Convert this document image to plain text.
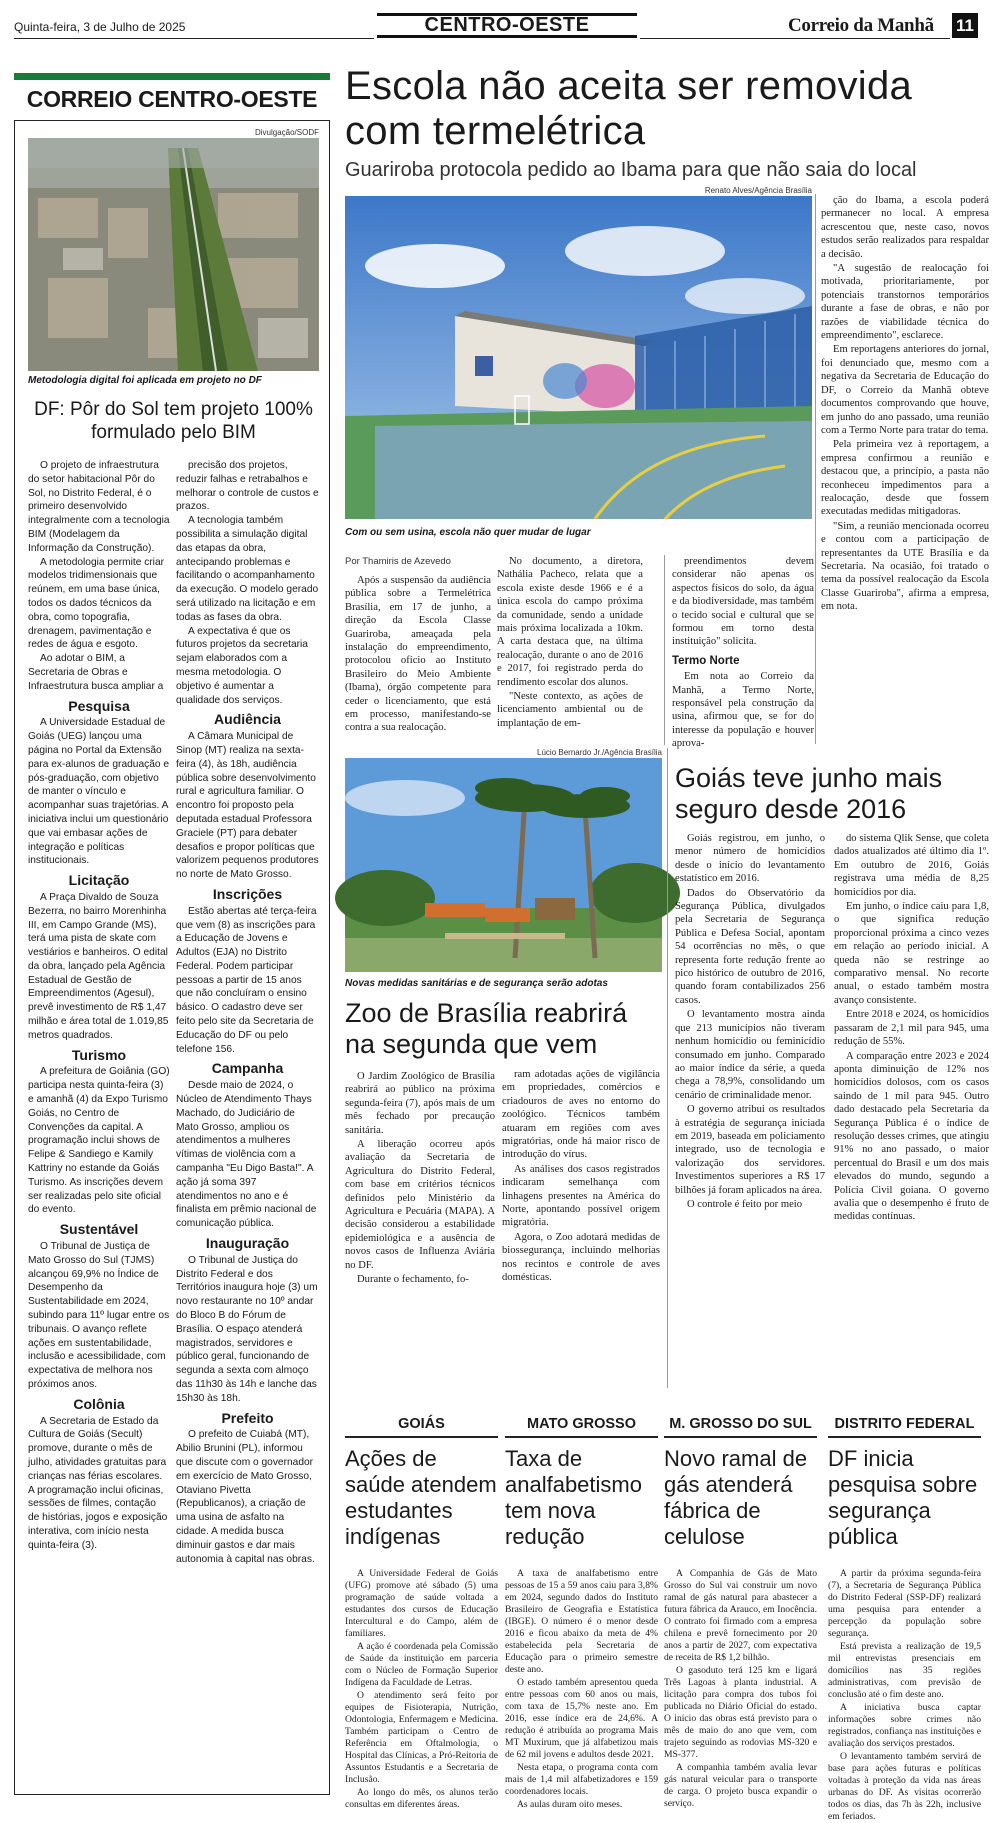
Quinta-feira, 3 de Julho de 2025	CENTRO-OESTE	Correio da Manhã 11
CORREIO CENTRO-OESTE
Divulgação/SODF
Metodologia digital foi aplicada em projeto no DF
DF: Pôr do Sol tem projeto 100% formulado pelo BIM

O projeto de infraestrutura do setor habitacional Pôr do Sol, no Distrito Federal, é o primeiro desenvolvido integralmente com a tecnologia BIM (Modelagem da Informação da Construção).

A metodologia permite criar modelos tridimensionais que reúnem, em uma base única, todos os dados técnicos da obra, como topografia, drenagem, pavimentação e redes de água e esgoto.

Ao adotar o BIM, a Secretaria de Obras e Infraestrutura busca ampliar a

Pesquisa

A Universidade Estadual de Goiás (UEG) lançou uma página no Portal da Extensão para ex-alunos de graduação e pós-graduação, com objetivo de manter o vínculo e acompanhar suas trajetórias. A iniciativa inclui um questionário que vai embasar ações de integração e políticas institucionais.

Licitação

A Praça Divaldo de Souza Bezerra, no bairro Morenhinha III, em Campo Grande (MS), terá uma pista de skate com vestiários e banheiros. O edital da obra, lançado pela Agência Estadual de Gestão de Empreendimentos (Agesul), prevê investimento de R$ 1,47 milhão e área total de 1.019,85 metros quadrados.

Turismo

A prefeitura de Goiânia (GO) participa nesta quinta-feira (3) e amanhã (4) da Expo Turismo Goiás, no Centro de Convenções da capital. A programação inclui shows de Felipe & Sandiego e Kamily Kattriny no estande da Goiás Turismo. As inscrições devem ser realizadas pelo site oficial do evento.

Sustentável

O Tribunal de Justiça de Mato Grosso do Sul (TJMS) alcançou 69,9% no Índice de Desempenho da Sustentabilidade em 2024, subindo para 11º lugar entre os tribunais. O avanço reflete ações em sustentabilidade, inclusão e acessibilidade, com expectativa de melhora nos próximos anos.

Colônia

A Secretaria de Estado da Cultura de Goiás (Secult) promove, durante o mês de julho, atividades gratuitas para crianças nas férias escolares. A programação inclui oficinas, sessões de filmes, contação de histórias, jogos e exposição interativa, com início nesta quinta-feira (3).

precisão dos projetos, reduzir falhas e retrabalhos e melhorar o controle de custos e prazos.

A tecnologia também possibilita a simulação digital das etapas da obra, antecipando problemas e facilitando o acompanhamento da execução. O modelo gerado será utilizado na licitação e em todas as fases da obra.

A expectativa é que os futuros projetos da secretaria sejam elaborados com a mesma metodologia. O objetivo é aumentar a qualidade dos serviços.

Audiência

A Câmara Municipal de Sinop (MT) realiza na sexta-feira (4), às 18h, audiência pública sobre desenvolvimento rural e agricultura familiar. O encontro foi proposto pela deputada estadual Professora Graciele (PT) para debater desafios e propor políticas que valorizem pequenos produtores no norte de Mato Grosso.

Inscrições

Estão abertas até terça-feira que vem (8) as inscrições para a Educação de Jovens e Adultos (EJA) no Distrito Federal. Podem participar pessoas a partir de 15 anos que não concluíram o ensino básico. O cadastro deve ser feito pelo site da Secretaria de Educação do DF ou pelo telefone 156.

Campanha

Desde maio de 2024, o Núcleo de Atendimento Thays Machado, do Judiciário de Mato Grosso, ampliou os atendimentos a mulheres vítimas de violência com a campanha "Eu Digo Basta!". A ação já soma 397 atendimentos no ano e é finalista em prêmio nacional de comunicação pública.

Inauguração

O Tribunal de Justiça do Distrito Federal e dos Territórios inaugura hoje (3) um novo restaurante no 10º andar do Bloco B do Fórum de Brasília. O espaço atenderá magistrados, servidores e público geral, funcionando de segunda a sexta com almoço das 11h30 às 14h e lanche das 15h30 às 18h.

Prefeito

O prefeito de Cuiabá (MT), Abilio Brunini (PL), informou que discute com o governador em exercício de Mato Grosso, Otaviano Pivetta (Republicanos), a criação de uma usina de asfalto na cidade. A medida busca diminuir gastos e dar mais autonomia à capital nas obras.

Escola não aceita ser removida com termelétrica
Guariroba protocola pedido ao Ibama para que não saia do local
Renato Alves/Agência Brasília
Com ou sem usina, escola não quer mudar de lugar
Por Thamiris de Azevedo

Após a suspensão da audiência pública sobre a Termelétrica Brasília, em 17 de junho, a direção da Escola Classe Guariroba, ameaçada pela instalação do empreendimento, protocolou ofício ao Instituto Brasileiro do Meio Ambiente (Ibama), órgão competente para ceder o licenciamento, que está em processo, manifestando-se contra a sua realocação.

No documento, a diretora, Nathália Pacheco, relata que a escola existe desde 1966 e é a única escola do campo próxima da comunidade, sendo a unidade mais próxima localizada a 10km. A carta destaca que, na última realocação, durante o ano de 2016 e 2017, foi registrado perda do rendimento escolar dos alunos.

"Neste contexto, as ações de licenciamento ambiental ou de implantação de em-

preendimentos devem considerar não apenas os aspectos físicos do solo, da água e da biodiversidade, mas também o tecido social e cultural que se formou em torno desta instituição" solicita.

Termo Norte

Em nota ao Correio da Manhã, a Termo Norte, responsável pela construção da usina, afirmou que, se for do interesse da população e houver aprova-

ção do Ibama, a escola poderá permanecer no local. A empresa acrescentou que, neste caso, novos estudos serão realizados para respaldar a decisão.

"A sugestão de realocação foi motivada, prioritariamente, por potenciais transtornos temporários durante a fase de obras, e não por razões de viabilidade técnica do empreendimento", esclarece.

Em reportagens anteriores do jornal, foi denunciado que, mesmo com a negativa da Secretaria de Educação do DF, o Correio da Manhã obteve documentos comprovando que houve, em junho do ano passado, uma reunião com a Termo Norte para tratar do tema.

Pela primeira vez à reportagem, a empresa confirmou a reunião e destacou que, a princípio, a pasta não reconheceu impedimentos para a realocação, desde que fossem executadas medidas mitigadoras.

"Sim, a reunião mencionada ocorreu e contou com a participação de representantes da UTE Brasília e da Secretaria. Na ocasião, foi tratado o tema da possível realocação da Escola Classe Guariroba", afirma a empresa, em nota.

Lúcio Bernardo Jr./Agência Brasília
Novas medidas sanitárias e de segurança serão adotas
Zoo de Brasília reabrirá na segunda que vem

O Jardim Zoológico de Brasília reabrirá ao público na próxima segunda-feira (7), após mais de um mês fechado por precaução sanitária.

A liberação ocorreu após avaliação da Secretaria de Agricultura do Distrito Federal, com base em critérios técnicos definidos pelo Ministério da Agricultura e Pecuária (MAPA). A decisão considerou a estabilidade epidemiológica e a ausência de novos casos de Influenza Aviária no DF.

Durante o fechamento, fo-

ram adotadas ações de vigilância em propriedades, comércios e criadouros de aves no entorno do zoológico. Técnicos também atuaram em regiões com aves migratórias, onde há maior risco de introdução do vírus.

As análises dos casos registrados indicaram semelhança com linhagens presentes na América do Norte, apontando possível origem migratória.

Agora, o Zoo adotará medidas de biossegurança, incluindo melhorias nos recintos e controle de aves domésticas.

Goiás teve junho mais seguro desde 2016

Goiás registrou, em junho, o menor número de homicídios desde o início do levantamento estatístico em 2016.

Dados do Observatório da Segurança Pública, divulgados pela Secretaria de Segurança Pública e Defesa Social, apontam 54 ocorrências no mês, o que representa forte redução frente ao pico histórico de outubro de 2016, quando foram contabilizados 256 casos.

O levantamento mostra ainda que 213 municípios não tiveram nenhum homicídio ou feminicídio consumado em junho. Comparado ao maior índice da série, a queda chega a 78,9%, consolidando um cenário de criminalidade menor.

O governo atribui os resultados à estratégia de segurança iniciada em 2019, baseada em policiamento integrado, uso de tecnologia e valorização dos servidores. Investimentos superiores a R$ 17 bilhões já foram aplicados na área.

O controle é feito por meio

do sistema Qlik Sense, que coleta dados atualizados até último dia 1º. Em outubro de 2016, Goiás registrava uma média de 8,25 homicídios por dia.

Em junho, o índice caiu para 1,8, o que significa redução proporcional próxima a cinco vezes em relação ao período inicial. A queda não se restringe ao comparativo mensal. No recorte anual, o estado também mostra avanço consistente.

Entre 2018 e 2024, os homicídios passaram de 2,1 mil para 945, uma redução de 55%.

A comparação entre 2023 e 2024 aponta diminuição de 12% nos homicídios dolosos, com os casos saindo de 1 mil para 945. Outro dado destacado pela Secretaria da Segurança Pública é o índice de resolução desses crimes, que atingiu 91% no ano passado, o maior percentual do Brasil e um dos mais elevados do mundo, segundo a Polícia Civil goiana. O governo avalia que o desempenho é fruto de medidas contínuas.

GOIÁS
Ações de saúde atendem estudantes indígenas

A Universidade Federal de Goiás (UFG) promove até sábado (5) uma programação de saúde voltada a estudantes dos cursos de Educação Intercultural e do Campo, além de familiares.

A ação é coordenada pela Comissão de Saúde da instituição em parceria com o Núcleo de Formação Superior Indígena da Faculdade de Letras.

O atendimento será feito por equipes de Fisioterapia, Nutrição, Odontologia, Enfermagem e Medicina. Também participam o Centro de Referência em Oftalmologia, o Hospital das Clínicas, a Pró-Reitoria de Assuntos Estudantis e a Secretaria de Inclusão.

Ao longo do mês, os alunos terão consultas em diferentes áreas.

MATO GROSSO
Taxa de analfabetismo tem nova redução

A taxa de analfabetismo entre pessoas de 15 a 59 anos caiu para 3,8% em 2024, segundo dados do Instituto Brasileiro de Geografia e Estatística (IBGE). O número é o menor desde 2016 e ficou abaixo da meta de 4% estabelecida pela Secretaria de Educação para o primeiro semestre deste ano.

O estado também apresentou queda entre pessoas com 60 anos ou mais, com taxa de 15,7% neste ano. Em 2016, esse índice era de 24,6%. A redução é atribuída ao programa Mais MT Muxirum, que já alfabetizou mais de 62 mil jovens e adultos desde 2021.

Nesta etapa, o programa conta com mais de 1,4 mil alfabetizadores e 159 coordenadores locais.

As aulas duram oito meses.

M. GROSSO DO SUL
Novo ramal de gás atenderá fábrica de celulose

A Companhia de Gás de Mato Grosso do Sul vai construir um novo ramal de gás natural para abastecer a futura fábrica da Arauco, em Inocência. O contrato foi firmado com a empresa chilena e prevê fornecimento por 20 anos a partir de 2027, com expectativa de receita de R$ 1,2 bilhão.

O gasoduto terá 125 km e ligará Três Lagoas à planta industrial. A licitação para compra dos tubos foi publicada no Diário Oficial do estado. O início das obras está previsto para o mês de maio do ano que vem, com trajeto seguindo as rodovias MS-320 e MS-377.

A companhia também avalia levar gás natural veicular para o transporte de carga. O projeto busca expandir o serviço.

DISTRITO FEDERAL
DF inicia pesquisa sobre segurança pública

A partir da próxima segunda-feira (7), a Secretaria de Segurança Pública do Distrito Federal (SSP-DF) realizará uma pesquisa para entender a percepção da população sobre segurança.

Está prevista a realização de 19,5 mil entrevistas presenciais em domicílios nas 35 regiões administrativas, com previsão de conclusão até o fim deste ano.

A iniciativa busca captar informações sobre crimes não registrados, confiança nas instituições e avaliação dos serviços prestados.

O levantamento também servirá de base para ações futuras e políticas voltadas à proteção da vida nas áreas urbanas do DF. As visitas ocorrerão todos os dias, das 7h às 22h, inclusive em feriados.
